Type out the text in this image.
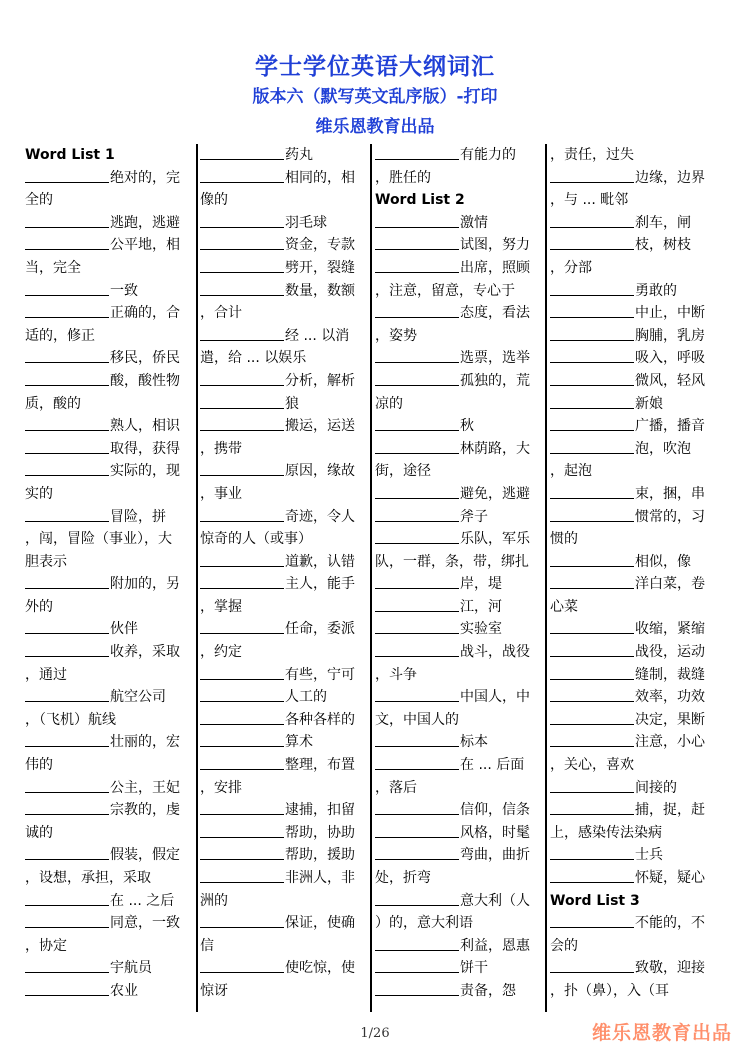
学士学位英语大纲词汇
版本六（默写英文乱序版）-打印
维乐恩教育出品
Word List 1
绝对的，完
全的
逃跑，逃避
公平地，相
当，完全
一致
正确的，合
适的，修正
移民，侨民
酸，酸性物
质，酸的
熟人，相识
取得，获得
实际的，现
实的
冒险，拼
，闯，冒险（事业），大
胆表示
附加的，另
外的
伙伴
收养，采取
，通过
航空公司
，（飞机）航线
壮丽的，宏
伟的
公主，王妃
宗教的，虔
诚的
假装，假定
，设想，承担，采取
在 ... 之后
同意，一致
，协定
宇航员
农业
药丸
相同的，相
像的
羽毛球
资金，专款
劈开，裂缝
数量，数额
，合计
经 ... 以消
遣，给 ... 以娱乐
分析，解析
狼
搬运，运送
，携带
原因，缘故
，事业
奇迹，令人
惊奇的人（或事）
道歉，认错
主人，能手
，掌握
任命，委派
，约定
有些，宁可
人工的
各种各样的
算术
整理，布置
，安排
逮捕，扣留
帮助，协助
帮助，援助
非洲人，非
洲的
保证，使确
信
使吃惊，使
惊讶
有能力的
，胜任的
Word List 2
激情
试图，努力
出席，照顾
，注意，留意，专心于
态度，看法
，姿势
选票，选举
孤独的，荒
凉的
秋
林荫路，大
街，途径
避免，逃避
斧子
乐队，军乐
队，一群，条，带，绑扎
岸，堤
江，河
实验室
战斗，战役
，斗争
中国人，中
文，中国人的
标本
在 ... 后面
，落后
信仰，信条
风格，时髦
弯曲，曲折
处，折弯
意大利（人
）的，意大利语
利益，恩惠
饼干
责备，怨
，责任，过失
边缘，边界
，与 ... 毗邻
刹车，闸
枝，树枝
，分部
勇敢的
中止，中断
胸脯，乳房
吸入，呼吸
微风，轻风
新娘
广播，播音
泡，吹泡
，起泡
束，捆，串
惯常的，习
惯的
相似，像
洋白菜，卷
心菜
收缩，紧缩
战役，运动
缝制，裁缝
效率，功效
决定，果断
注意，小心
，关心，喜欢
间接的
捕，捉，赶
上，感染传法染病
士兵
怀疑，疑心
Word List 3
不能的，不
会的
致敬，迎接
，扑（鼻），入（耳
1/26	维乐恩教育出品
